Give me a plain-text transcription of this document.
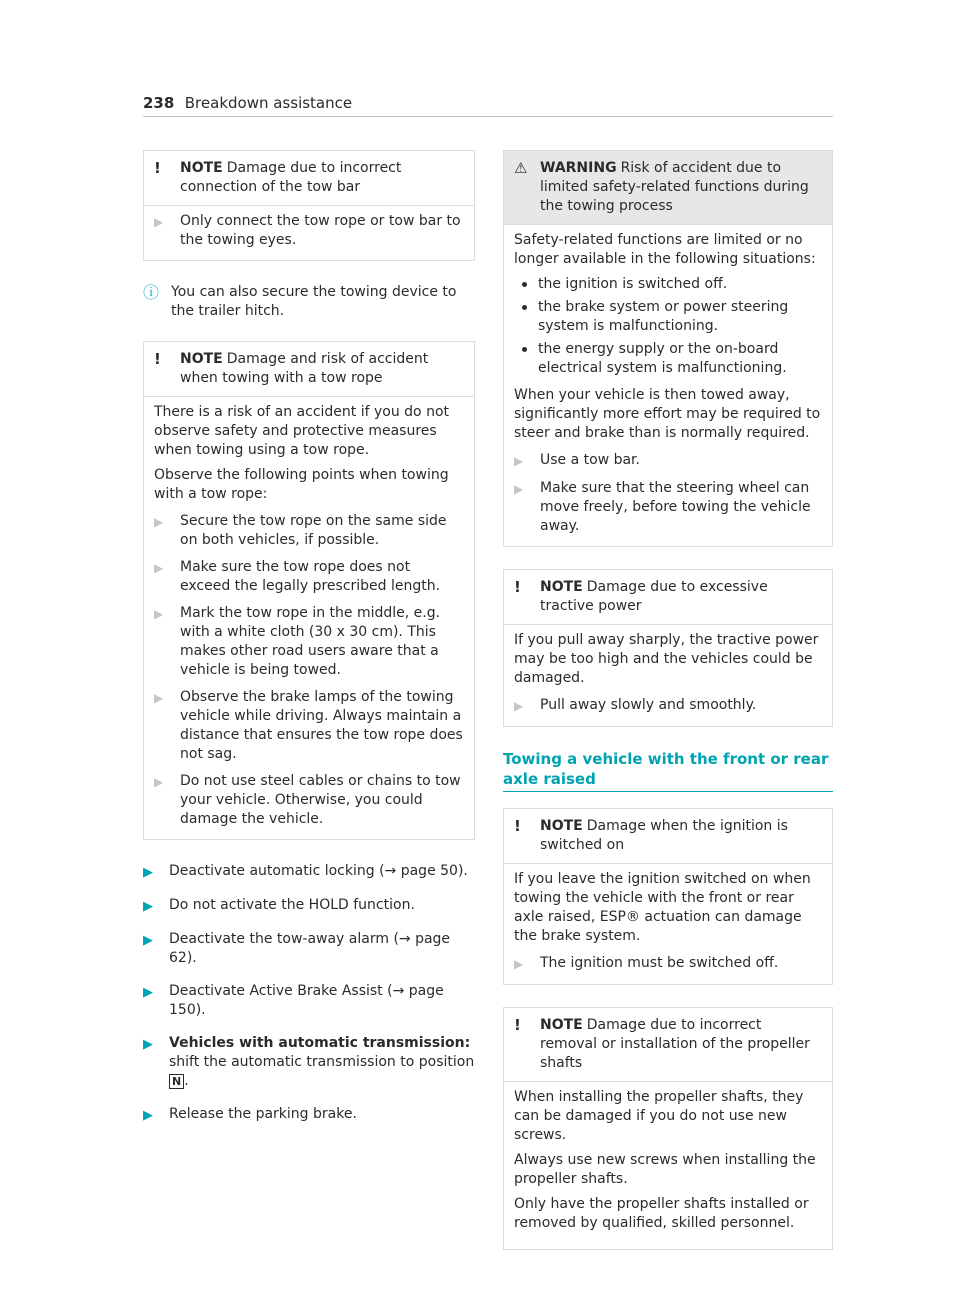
238 Breakdown assistance
!	NOTE Damage due to incorrect connection of the tow bar
▶	Only connect the tow rope or tow bar to the towing eyes.
ⓘ You can also secure the towing device to the trailer hitch.
!	NOTE Damage and risk of accident when towing with a tow rope

There is a risk of an accident if you do not observe safety and protective measures when towing using a tow rope.

Observe the following points when towing with a tow rope:

▶	Secure the tow rope on the same side on both vehicles, if possible.
▶	Make sure the tow rope does not exceed the legally prescribed length.
▶	Mark the tow rope in the middle, e.g. with a white cloth (30 x 30 cm). This makes other road users aware that a vehicle is being towed.
▶	Observe the brake lamps of the towing vehicle while driving. Always maintain a distance that ensures the tow rope does not sag.
▶	Do not use steel cables or chains to tow your vehicle. Otherwise, you could damage the vehicle.
▶	Deactivate automatic locking (→ page 50).
▶	Do not activate the HOLD function.
▶	Deactivate the tow-away alarm (→ page 62).
▶	Deactivate Active Brake Assist (→ page 150).
▶	Vehicles with automatic transmission:
shift the automatic transmission to position
N .
▶	Release the parking brake.
⚠ WARNING Risk of accident due to limited safety-related functions during the towing process

Safety-related functions are limited or no longer available in the following situations:

the ignition is switched off.
the brake system or power steering system is malfunctioning.
the energy supply or the on-board electrical system is malfunctioning.

When your vehicle is then towed away, significantly more effort may be required to steer and brake than is normally required.

▶	Use a tow bar.
▶	Make sure that the steering wheel can move freely, before towing the vehicle away.
!	NOTE Damage due to excessive tractive power

If you pull away sharply, the tractive power may be too high and the vehicles could be damaged.

▶	Pull away slowly and smoothly.
Towing a vehicle with the front or rear axle raised
!	NOTE Damage when the ignition is switched on

If you leave the ignition switched on when towing the vehicle with the front or rear axle raised, ESP® actuation can damage the brake system.

▶	The ignition must be switched off.
!	NOTE Damage due to incorrect removal or installation of the propeller shafts

When installing the propeller shafts, they can be damaged if you do not use new screws.

Always use new screws when installing the propeller shafts.

Only have the propeller shafts installed or removed by qualified, skilled personnel.
